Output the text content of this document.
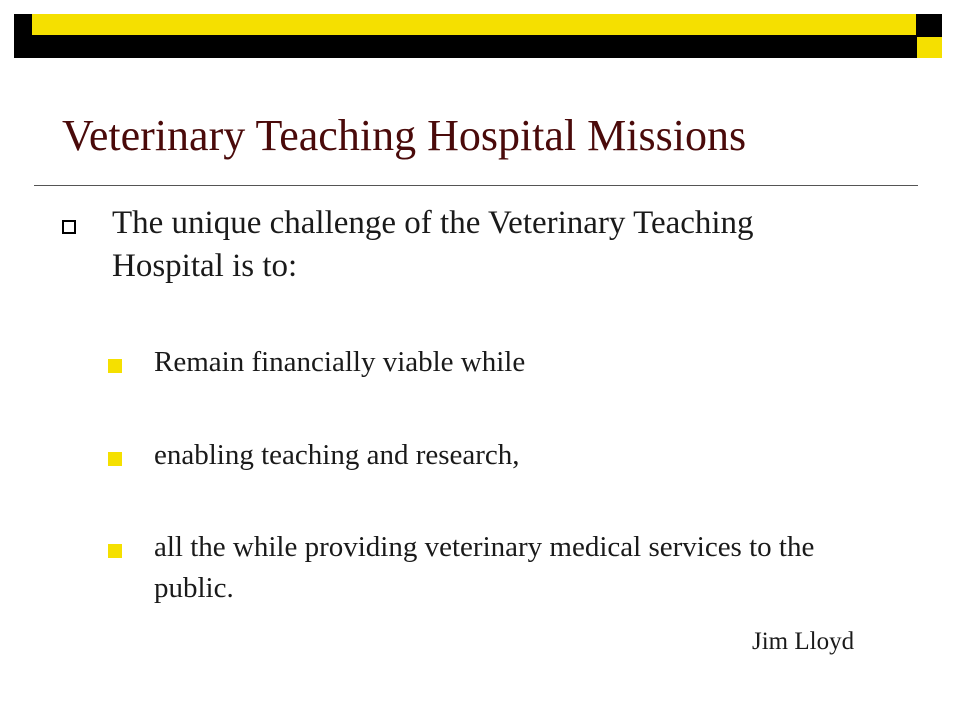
Veterinary Teaching Hospital Missions
The unique challenge of the Veterinary Teaching Hospital is to:
Remain financially viable while
enabling teaching and research,
all the while providing veterinary medical services to the public.
Jim Lloyd
